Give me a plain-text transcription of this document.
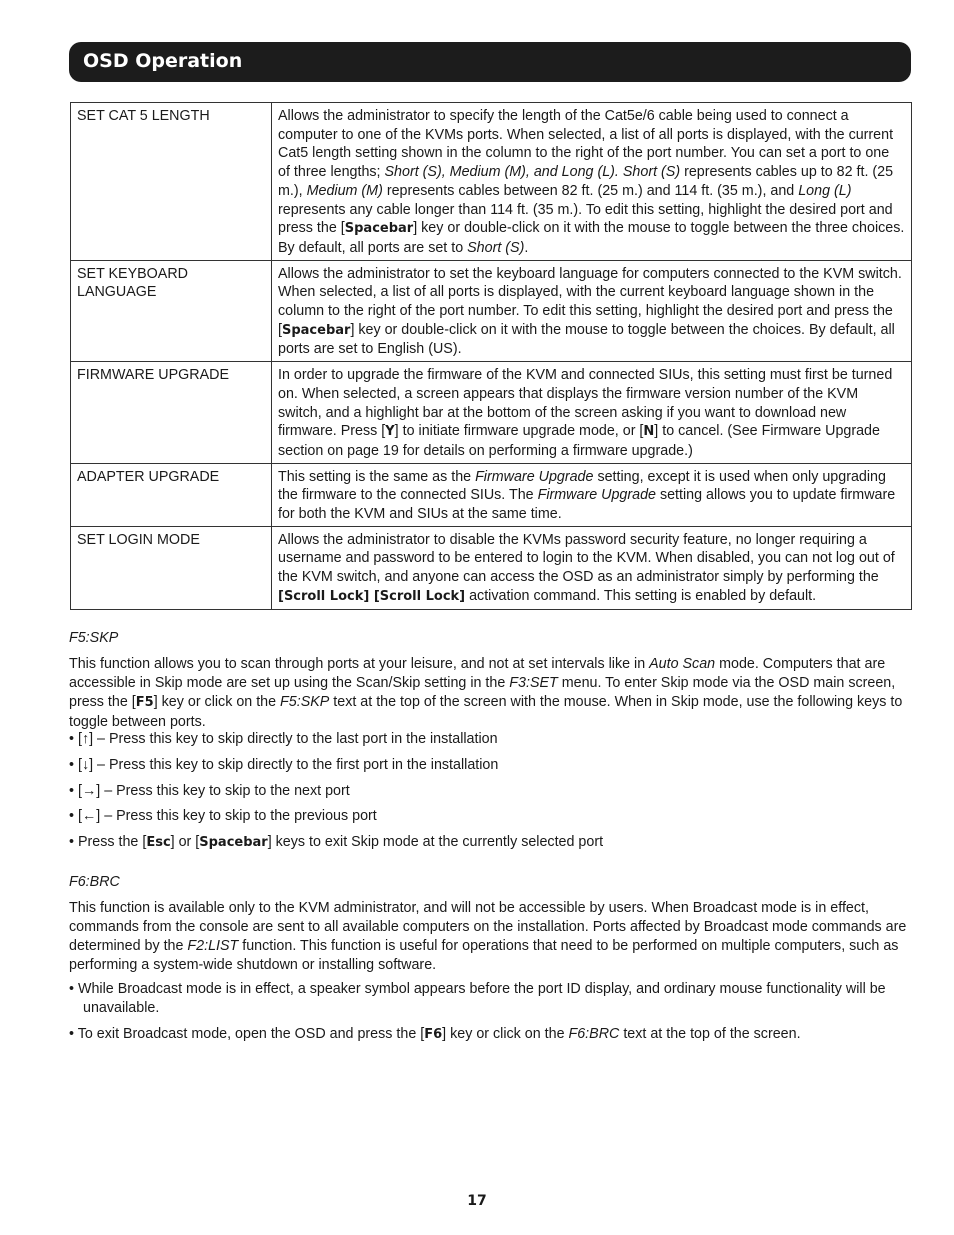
OSD Operation
SET CAT 5 LENGTH	Allows the administrator to specify the length of the Cat5e/6 cable being used to connect a computer to one of the KVMs ports. When selected, a list of all ports is displayed, with the current Cat5 length setting shown in the column to the right of the port number. You can set a port to one of three lengths; Short (S), Medium (M), and Long (L). Short (S) represents cables up to 82 ft. (25 m.), Medium (M) represents cables between 82 ft. (25 m.) and 114 ft. (35 m.), and Long (L) represents any cable longer than 114 ft. (35 m.). To edit this setting, highlight the desired port and press the [Spacebar] key or double-click on it with the mouse to toggle between the three choices. By default, all ports are set to Short (S).
SET KEYBOARD LANGUAGE	Allows the administrator to set the keyboard language for computers connected to the KVM switch. When selected, a list of all ports is displayed, with the current keyboard language shown in the column to the right of the port number. To edit this setting, highlight the desired port and press the [Spacebar] key or double-click on it with the mouse to toggle between the choices. By default, all ports are set to English (US).
FIRMWARE UPGRADE	In order to upgrade the firmware of the KVM and connected SIUs, this setting must first be turned on. When selected, a screen appears that displays the firmware version number of the KVM switch, and a highlight bar at the bottom of the screen asking if you want to download new firmware. Press [Y] to initiate firmware upgrade mode, or [N] to cancel. (See Firmware Upgrade section on page 19 for details on performing a firmware upgrade.)
ADAPTER UPGRADE	This setting is the same as the Firmware Upgrade setting, except it is used when only upgrading the firmware to the connected SIUs. The Firmware Upgrade setting allows you to update firmware for both the KVM and SIUs at the same time.
SET LOGIN MODE	Allows the administrator to disable the KVMs password security feature, no longer requiring a username and password to be entered to login to the KVM. When disabled, you can not log out of the KVM switch, and anyone can access the OSD as an administrator simply by performing the [Scroll Lock] [Scroll Lock] activation command. This setting is enabled by default.
F5:SKP
This function allows you to scan through ports at your leisure, and not at set intervals like in Auto Scan mode. Computers that are accessible in Skip mode are set up using the Scan/Skip setting in the F3:SET menu. To enter Skip mode via the OSD main screen, press the [F5] key or click on the F5:SKP text at the top of the screen with the mouse. When in Skip mode, use the following keys to toggle between ports.
• [↑] – Press this key to skip directly to the last port in the installation
• [↓] – Press this key to skip directly to the first port in the installation
• [→] – Press this key to skip to the next port
• [←] – Press this key to skip to the previous port
• Press the [Esc] or [Spacebar] keys to exit Skip mode at the currently selected port
F6:BRC
This function is available only to the KVM administrator, and will not be accessible by users. When Broadcast mode is in effect, commands from the console are sent to all available computers on the installation. Ports affected by Broadcast mode commands are determined by the F2:LIST function. This function is useful for operations that need to be performed on multiple computers, such as performing a system-wide shutdown or installing software.
• While Broadcast mode is in effect, a speaker symbol appears before the port ID display, and ordinary mouse functionality will be unavailable.
• To exit Broadcast mode, open the OSD and press the [F6] key or click on the F6:BRC text at the top of the screen.
17
